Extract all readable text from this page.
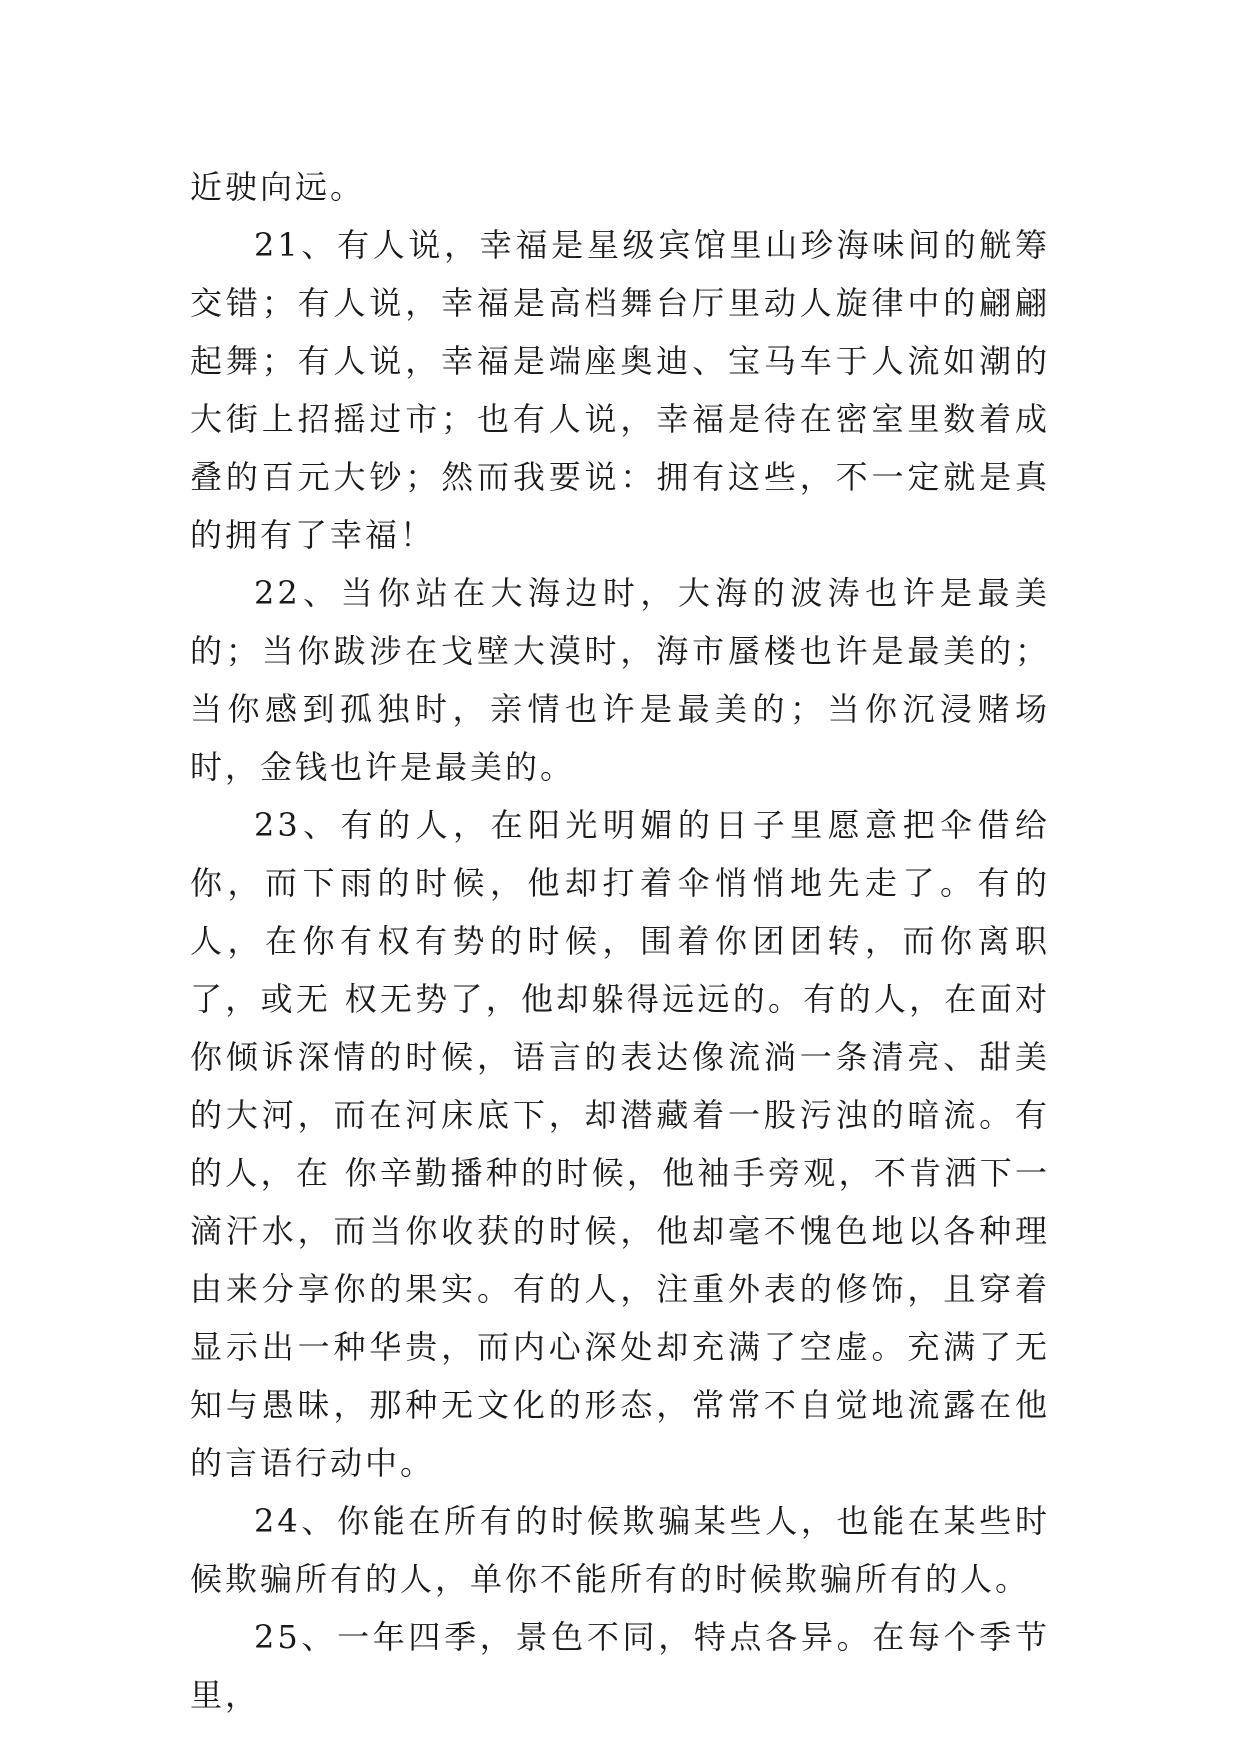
近驶向远。

21、有人说，幸福是星级宾馆里山珍海味间的觥筹交错；有人说，幸福是高档舞台厅里动人旋律中的翩翩起舞；有人说，幸福是端座奥迪、宝马车于人流如潮的大街上招摇过市；也有人说，幸福是待在密室里数着成叠的百元大钞；然而我要说：拥有这些，不一定就是真的拥有了幸福！

22、当你站在大海边时，大海的波涛也许是最美的；当你跋涉在戈壁大漠时，海市蜃楼也许是最美的；当你感到孤独时，亲情也许是最美的；当你沉浸赌场时，金钱也许是最美的。

23、有的人，在阳光明媚的日子里愿意把伞借给你，而下雨的时候，他却打着伞悄悄地先走了。有的人，在你有权有势的时候，围着你团团转，而你离职了，或无 权无势了，他却躲得远远的。有的人，在面对你倾诉深情的时候，语言的表达像流淌一条清亮、甜美的大河，而在河床底下，却潜藏着一股污浊的暗流。有的人，在 你辛勤播种的时候，他袖手旁观，不肯洒下一滴汗水，而当你收获的时候，他却毫不愧色地以各种理由来分享你的果实。有的人，注重外表的修饰，且穿着显示出一种华贵，而内心深处却充满了空虚。充满了无知与愚昧，那种无文化的形态，常常不自觉地流露在他的言语行动中。

24、你能在所有的时候欺骗某些人，也能在某些时候欺骗所有的人，单你不能所有的时候欺骗所有的人。

25、一年四季，景色不同，特点各异。在每个季节里，
